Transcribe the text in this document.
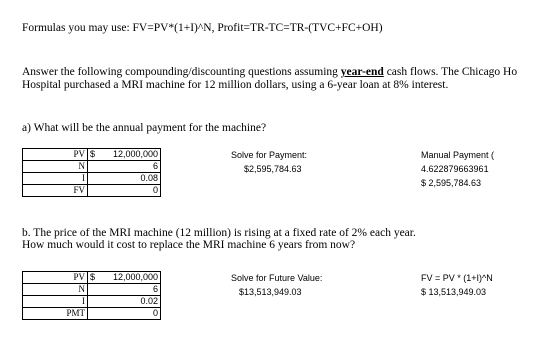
Formulas you may use: FV=PV*(1+I)^N, Profit=TR-TC=TR-(TVC+FC+OH)
Answer the following compounding/discounting questions assuming year-end cash flows. The Chicago Ho
Hospital purchased a MRI machine for 12 million dollars, using a 6-year loan at 8% interest.
a) What will be the annual payment for the machine?
PV	$	12,000,000
N		6
I		0.08
FV		0
Solve for Payment:
$2,595,784.63
Manual Payment (
4.622879663961
$ 2,595,784.63
b. The price of the MRI machine (12 million) is rising at a fixed rate of 2% each year.
How much would it cost to replace the MRI machine 6 years from now?
PV	$	12,000,000
N		6
I		0.02
PMT		0
Solve for Future Value:
$13,513,949.03
FV = PV * (1+I)^N
$ 13,513,949.03
